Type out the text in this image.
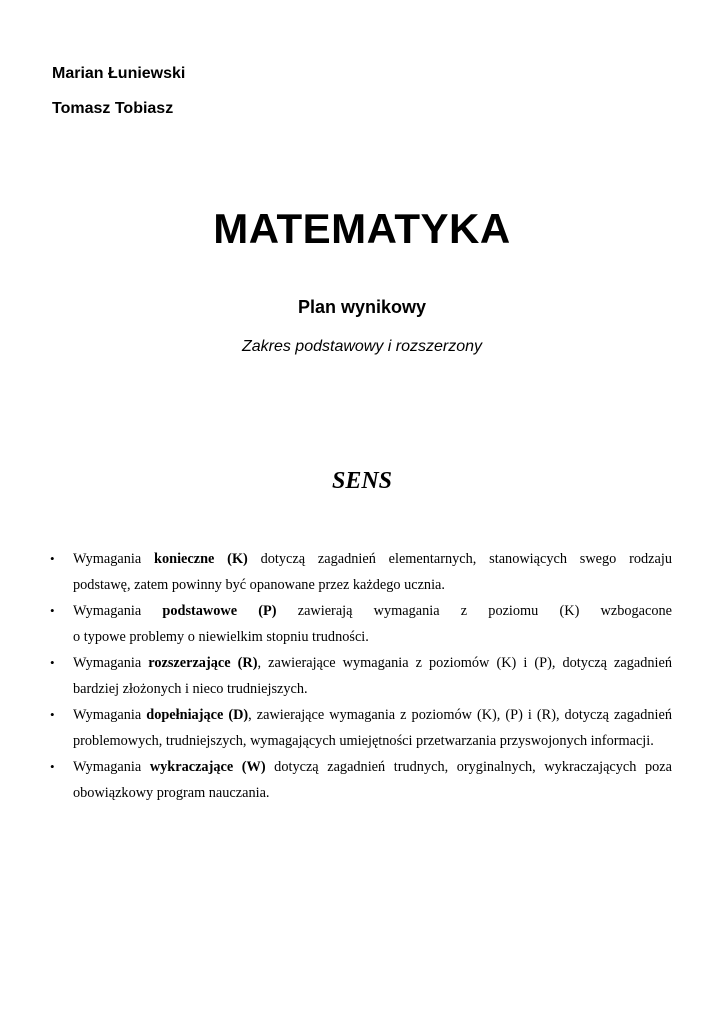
Marian Łuniewski
Tomasz Tobiasz
MATEMATYKA
Plan wynikowy
Zakres podstawowy i rozszerzony
SENS
•	Wymagania konieczne (K) dotyczą zagadnień elementarnych, stanowiących swego rodzaju
podstawę, zatem powinny być opanowane przez każdego ucznia.
•	Wymagania podstawowe (P) zawierają wymagania z poziomu (K) wzbogacone
o typowe problemy o niewielkim stopniu trudności.
•	Wymagania rozszerzające (R), zawierające wymagania z poziomów (K) i (P), dotyczą zagadnień
bardziej złożonych i nieco trudniejszych.
•	Wymagania dopełniające (D), zawierające wymagania z poziomów (K), (P) i (R), dotyczą zagadnień
problemowych, trudniejszych, wymagających umiejętności przetwarzania przyswojonych informacji.
•	Wymagania wykraczające (W) dotyczą zagadnień trudnych, oryginalnych, wykraczających poza
obowiązkowy program nauczania.
